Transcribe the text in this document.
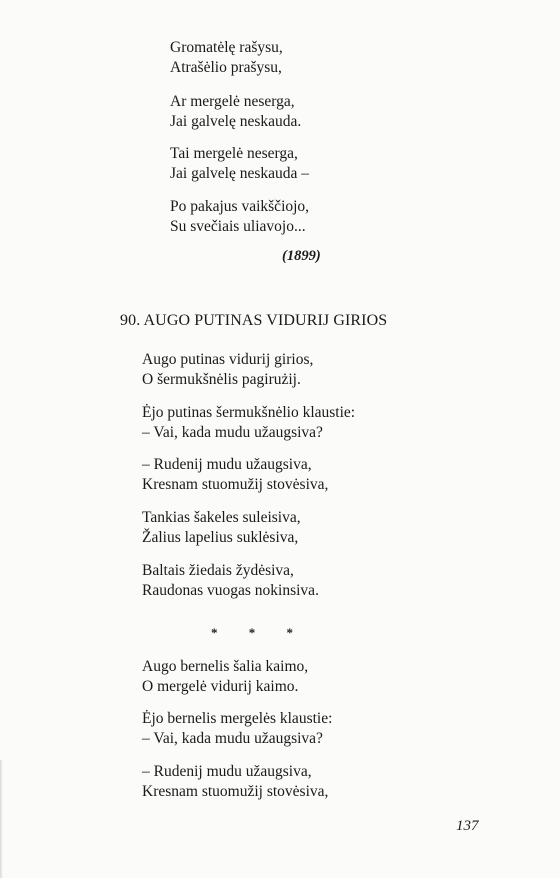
Gromatėlę rašysu,
Atrašėlio prašysu,

Ar mergelė neserga,
Jai galvelę neskauda.

Tai mergelė neserga,
Jai galvelę neskauda –

Po pakajus vaikščiojo,
Su svečiais uliavojo...

(1899)
90. AUGO PUTINAS VIDURIJ GIRIOS

Augo putinas vidurij girios,
O šermukšnėlis pagirużij.

Ėjo putinas šermukšnėlio klaustie:
– Vai, kada mudu užaugsiva?

– Rudenij mudu užaugsiva,
Kresnam stuomužij stovėsiva,

Tankias šakeles suleisiva,
Žalius lapelius suklėsiva,

Baltais žiedais žydėsiva,
Raudonas vuogas nokinsiva.

* * *

Augo bernelis šalia kaimo,
O mergelė vidurij kaimo.

Ėjo bernelis mergelės klaustie:
– Vai, kada mudu užaugsiva?

– Rudenij mudu užaugsiva,
Kresnam stuomužij stovėsiva,

137
